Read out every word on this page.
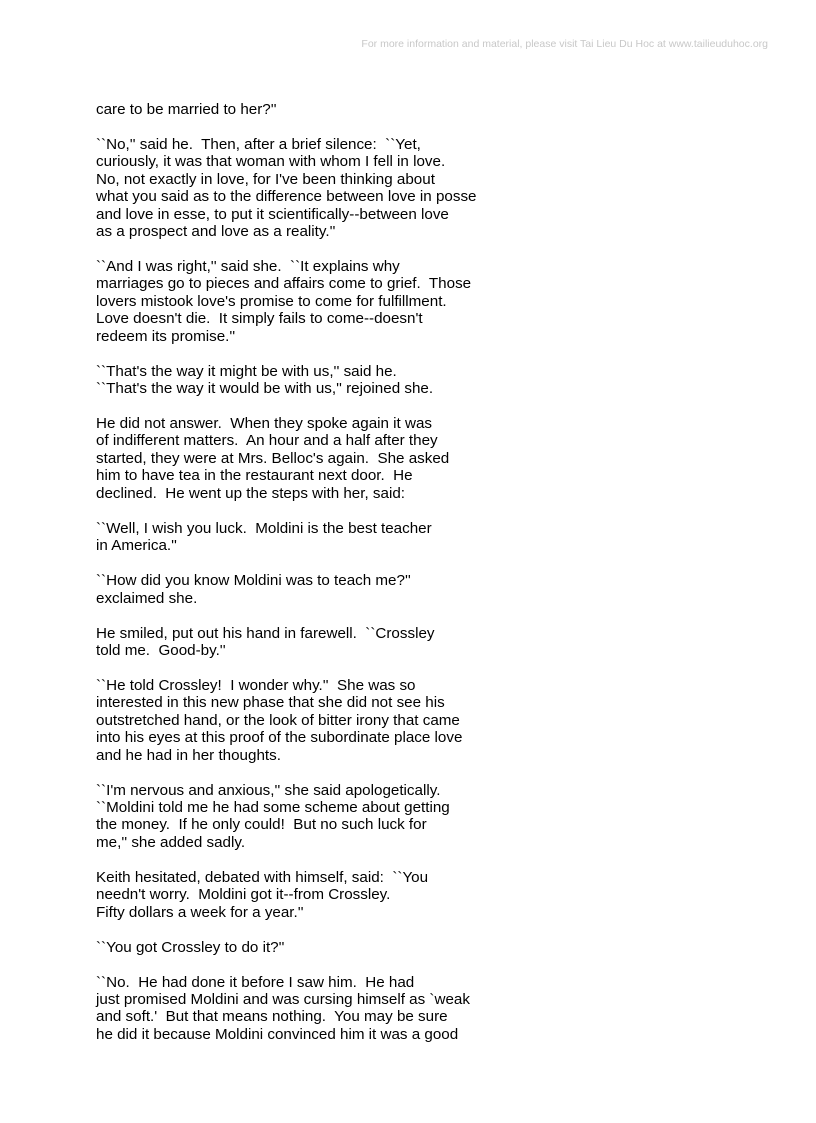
For more information and material, please visit Tai Lieu Du Hoc at www.tailieuduhoc.org
care to be married to her?''
``No,'' said he.  Then, after a brief silence:  ``Yet,
curiously, it was that woman with whom I fell in love.
No, not exactly in love, for I've been thinking about
what you said as to the difference between love in posse
and love in esse, to put it scientifically--between love
as a prospect and love as a reality.''
``And I was right,'' said she.  ``It explains why
marriages go to pieces and affairs come to grief.  Those
lovers mistook love's promise to come for fulfillment.
Love doesn't die.  It simply fails to come--doesn't
redeem its promise.''
``That's the way it might be with us,'' said he.
``That's the way it would be with us,'' rejoined she.
He did not answer.  When they spoke again it was
of indifferent matters.  An hour and a half after they
started, they were at Mrs. Belloc's again.  She asked
him to have tea in the restaurant next door.  He
declined.  He went up the steps with her, said:
``Well, I wish you luck.  Moldini is the best teacher
in America.''
``How did you know Moldini was to teach me?''
exclaimed she.
He smiled, put out his hand in farewell.  ``Crossley
told me.  Good-by.''
``He told Crossley!  I wonder why.''  She was so
interested in this new phase that she did not see his
outstretched hand, or the look of bitter irony that came
into his eyes at this proof of the subordinate place love
and he had in her thoughts.
``I'm nervous and anxious,'' she said apologetically.
``Moldini told me he had some scheme about getting
the money.  If he only could!  But no such luck for
me,'' she added sadly.
Keith hesitated, debated with himself, said:  ``You
needn't worry.  Moldini got it--from Crossley.
Fifty dollars a week for a year.''
``You got Crossley to do it?''
``No.  He had done it before I saw him.  He had
just promised Moldini and was cursing himself as `weak
and soft.'  But that means nothing.  You may be sure
he did it because Moldini convinced him it was a good
